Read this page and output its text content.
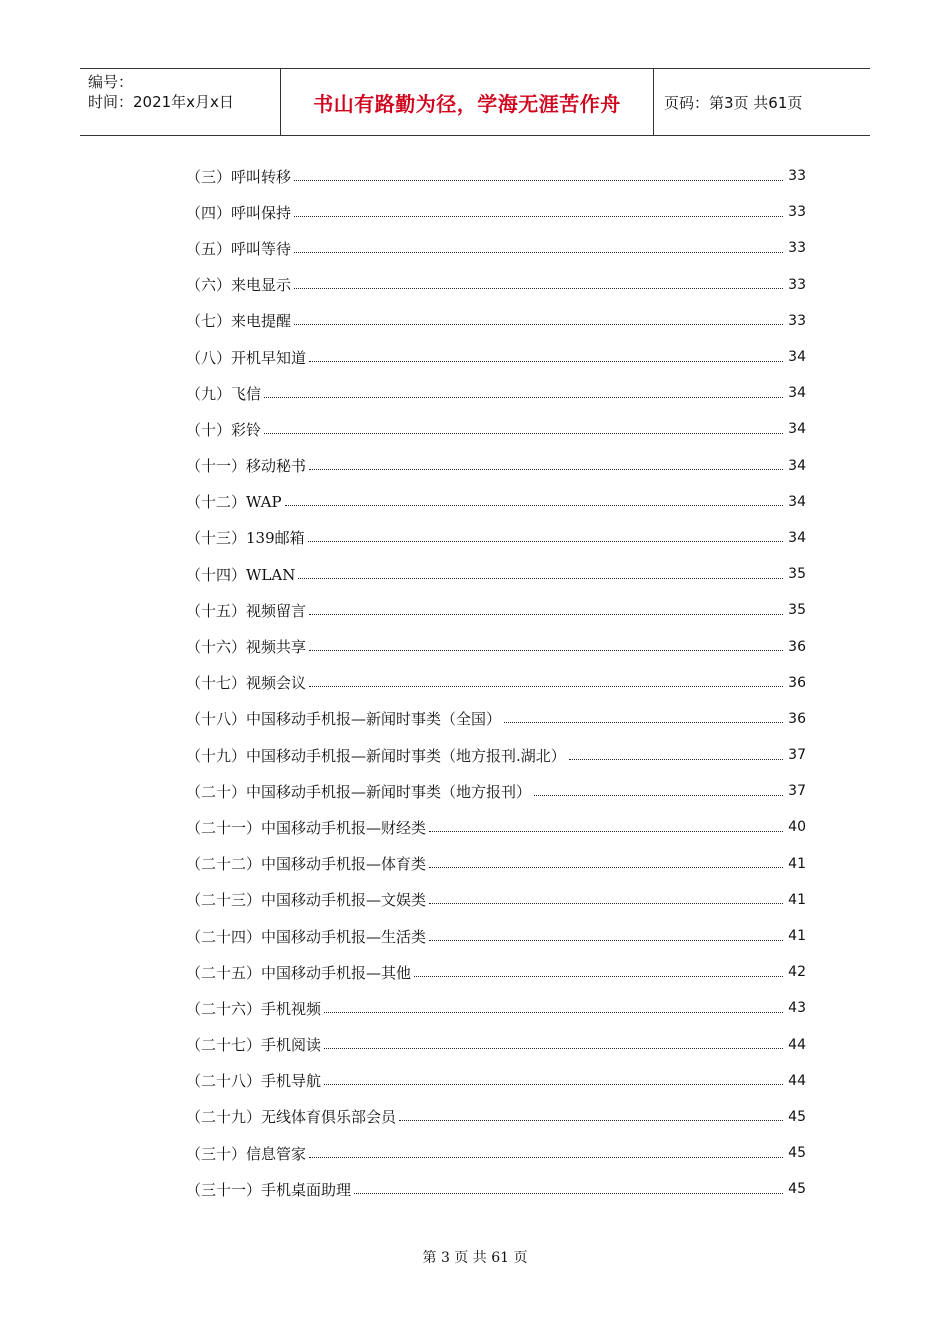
编号：
时间：2021年x月x日	书山有路勤为径，学海无涯苦作舟	页码：第3页 共61页
（三）呼叫转移	33
（四）呼叫保持	33
（五）呼叫等待	33
（六）来电显示	33
（七）来电提醒	33
（八）开机早知道	34
（九）飞信	34
（十）彩铃	34
（十一）移动秘书	34
（十二）WAP	34
（十三）139邮箱	34
（十四）WLAN	35
（十五）视频留言	35
（十六）视频共享	36
（十七）视频会议	36
（十八）中国移动手机报—新闻时事类（全国）	36
（十九）中国移动手机报—新闻时事类（地方报刊.湖北）	37
（二十）中国移动手机报—新闻时事类（地方报刊）	37
（二十一）中国移动手机报—财经类	40
（二十二）中国移动手机报—体育类	41
（二十三）中国移动手机报—文娱类	41
（二十四）中国移动手机报—生活类	41
（二十五）中国移动手机报—其他	42
（二十六）手机视频	43
（二十七）手机阅读	44
（二十八）手机导航	44
（二十九）无线体育俱乐部会员	45
（三十）信息管家	45
（三十一）手机桌面助理	45
第 3 页 共 61 页
